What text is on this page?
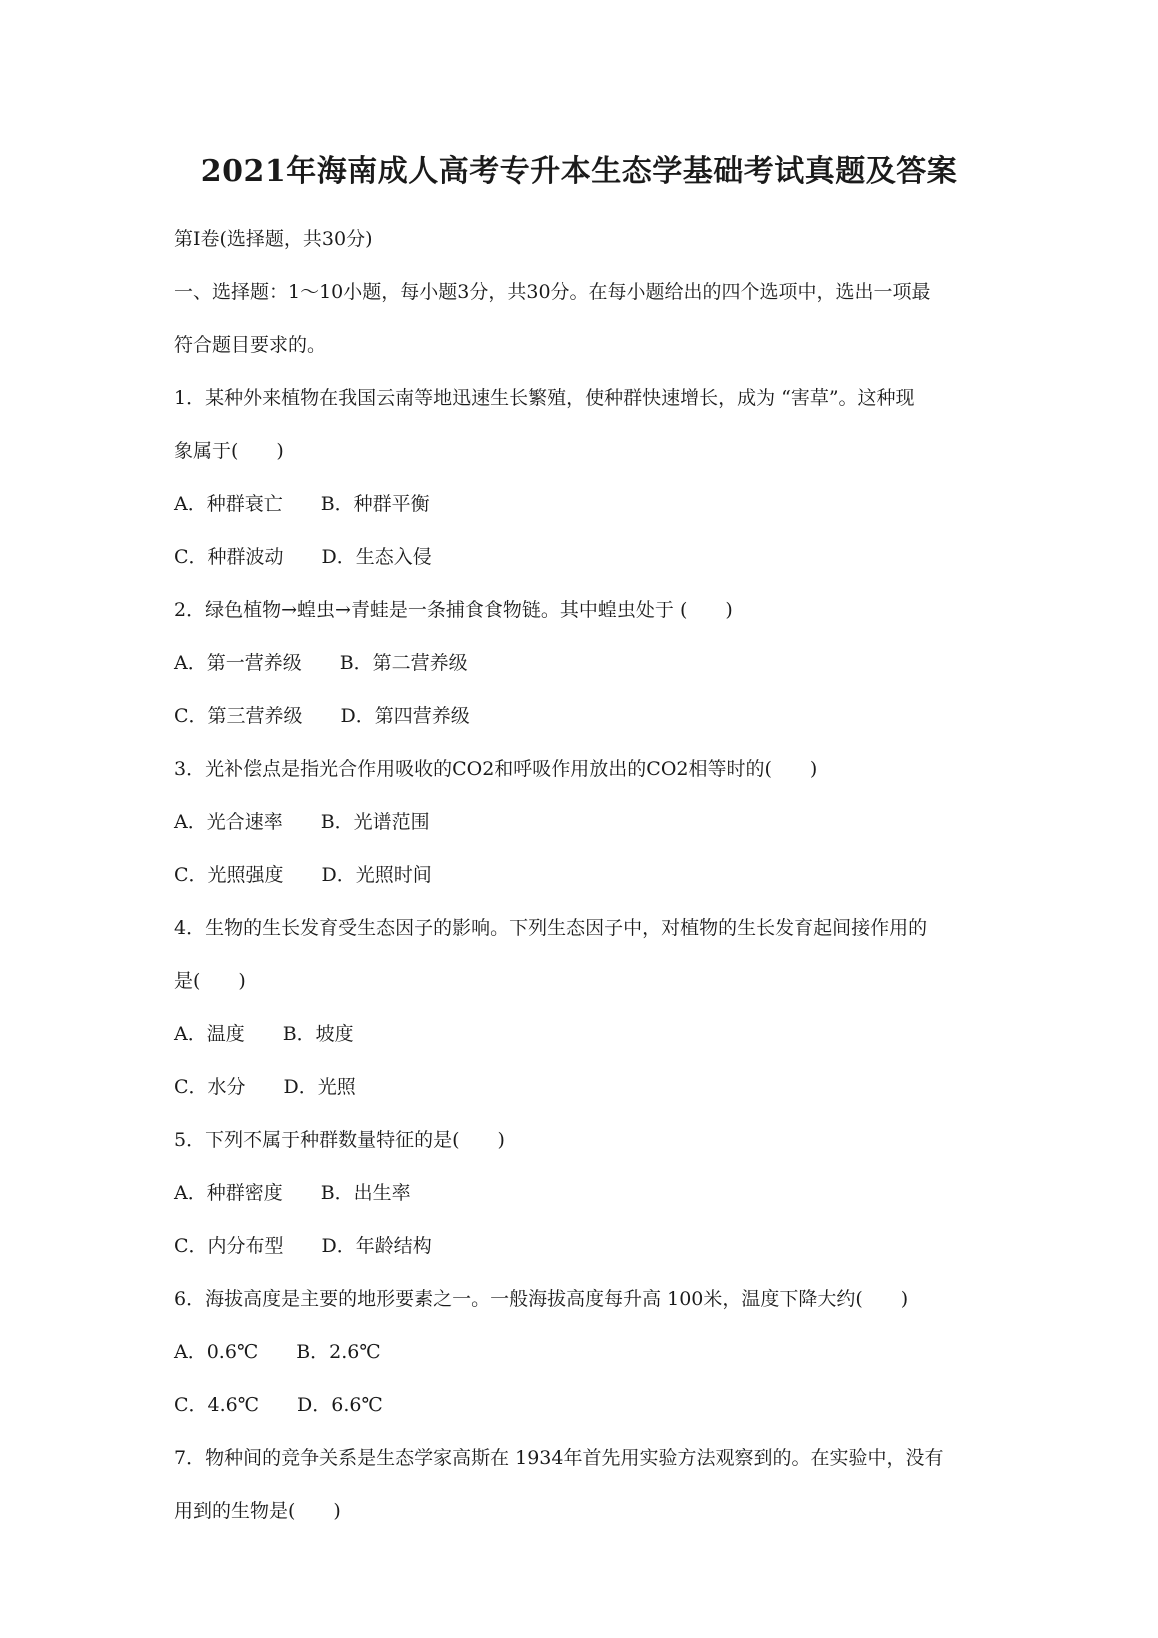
2021年海南成人高考专升本生态学基础考试真题及答案

第Ⅰ卷(选择题，共30分)

一、选择题：1～10小题，每小题3分，共30分。在每小题给出的四个选项中，选出一项最

符合题目要求的。

1．某种外来植物在我国云南等地迅速生长繁殖，使种群快速增长，成为 “害草”。这种现

象属于(　　)

A．种群衰亡　　B．种群平衡

C．种群波动　　D．生态入侵

2．绿色植物→蝗虫→青蛙是一条捕食食物链。其中蝗虫处于 (　　)

A．第一营养级　　B．第二营养级

C．第三营养级　　D．第四营养级

3．光补偿点是指光合作用吸收的CO2和呼吸作用放出的CO2相等时的(　　)

A．光合速率　　B．光谱范围

C．光照强度　　D．光照时间

4．生物的生长发育受生态因子的影响。下列生态因子中，对植物的生长发育起间接作用的

是(　　)

A．温度　　B．坡度

C．水分　　D．光照

5．下列不属于种群数量特征的是(　　)

A．种群密度　　B．出生率

C．内分布型　　D．年龄结构

6．海拔高度是主要的地形要素之一。一般海拔高度每升高 100米，温度下降大约(　　)

A．0.6℃　　B．2.6℃

C．4.6℃　　D．6.6℃

7．物种间的竞争关系是生态学家高斯在 1934年首先用实验方法观察到的。在实验中，没有

用到的生物是(　　)
